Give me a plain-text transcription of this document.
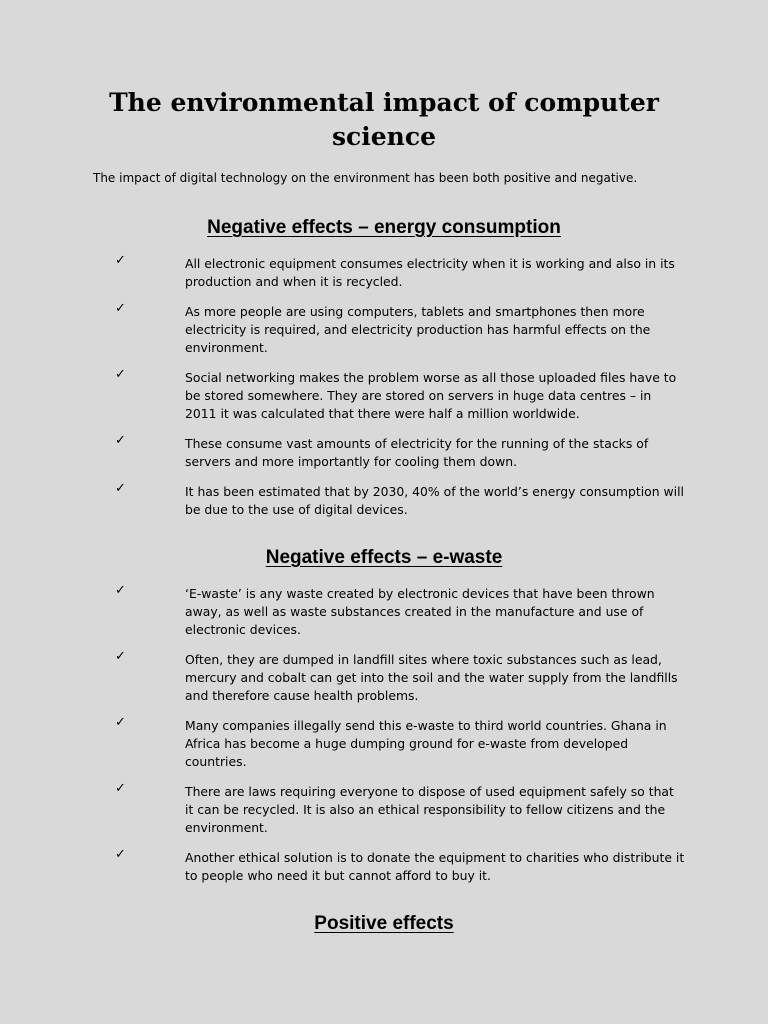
The environmental impact of computer science

The impact of digital technology on the environment has been both positive and negative.

Negative effects – energy consumption
✓	All electronic equipment consumes electricity when it is working and also in its production and when it is recycled.
✓	As more people are using computers, tablets and smartphones then more electricity is required, and electricity production has harmful effects on the environment.
✓	Social networking makes the problem worse as all those uploaded files have to be stored somewhere. They are stored on servers in huge data centres – in 2011 it was calculated that there were half a million worldwide.
✓	These consume vast amounts of electricity for the running of the stacks of servers and more importantly for cooling them down.
✓	It has been estimated that by 2030, 40% of the world’s energy consumption will be due to the use of digital devices.
Negative effects – e-waste
✓	‘E-waste’ is any waste created by electronic devices that have been thrown away, as well as waste substances created in the manufacture and use of electronic devices.
✓	Often, they are dumped in landfill sites where toxic substances such as lead, mercury and cobalt can get into the soil and the water supply from the landfills and therefore cause health problems.
✓	Many companies illegally send this e-waste to third world countries. Ghana in Africa has become a huge dumping ground for e-waste from developed countries.
✓	There are laws requiring everyone to dispose of used equipment safely so that it can be recycled. It is also an ethical responsibility to fellow citizens and the environment.
✓	Another ethical solution is to donate the equipment to charities who distribute it to people who need it but cannot afford to buy it.
Positive effects
